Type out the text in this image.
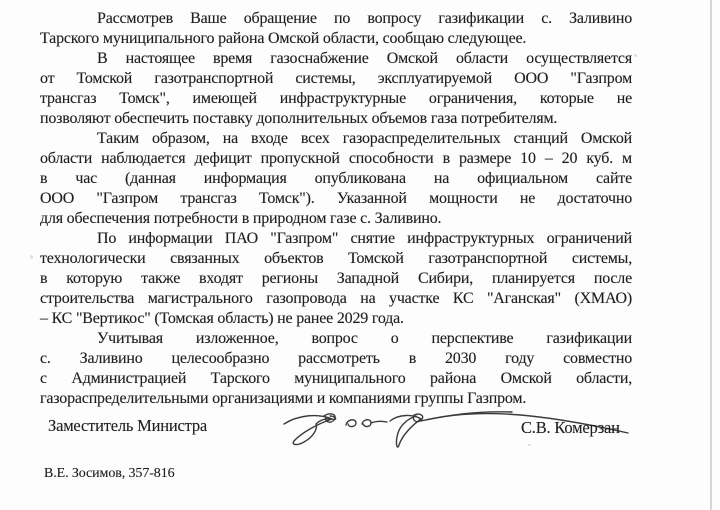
Рассмотрев Ваше обращение по вопросу газификации с. Заливино
Тарского муниципального района Омской области, сообщаю следующее.
В настоящее время газоснабжение Омской области осуществляется
от Томской газотранспортной системы, эксплуатируемой ООО "Газпром
трансгаз Томск", имеющей инфраструктурные ограничения, которые не
позволяют обеспечить поставку дополнительных объемов газа потребителям.
Таким образом, на входе всех газораспределительных станций Омской
области наблюдается дефицит пропускной способности в размере 10 – 20 куб. м
в час (данная информация опубликована на официальном сайте
ООО "Газпром трансгаз Томск"). Указанной мощности не достаточно
для обеспечения потребности в природном газе с. Заливино.
По информации ПАО "Газпром" снятие инфраструктурных ограничений
технологически связанных объектов Томской газотранспортной системы,
в которую также входят регионы Западной Сибири, планируется после
строительства магистрального газопровода на участке КС "Аганская" (ХМАО)
– КС "Вертикос" (Томская область) не ранее 2029 года.
Учитывая изложенное, вопрос о перспективе газификации
с. Заливино целесообразно рассмотреть в 2030 году совместно
с Администрацией Тарского муниципального района Омской области,
газораспределительными организациями и компаниями группы Газпром.
Заместитель Министра	С.В. Комерзан
В.Е. Зосимов, 357-816
